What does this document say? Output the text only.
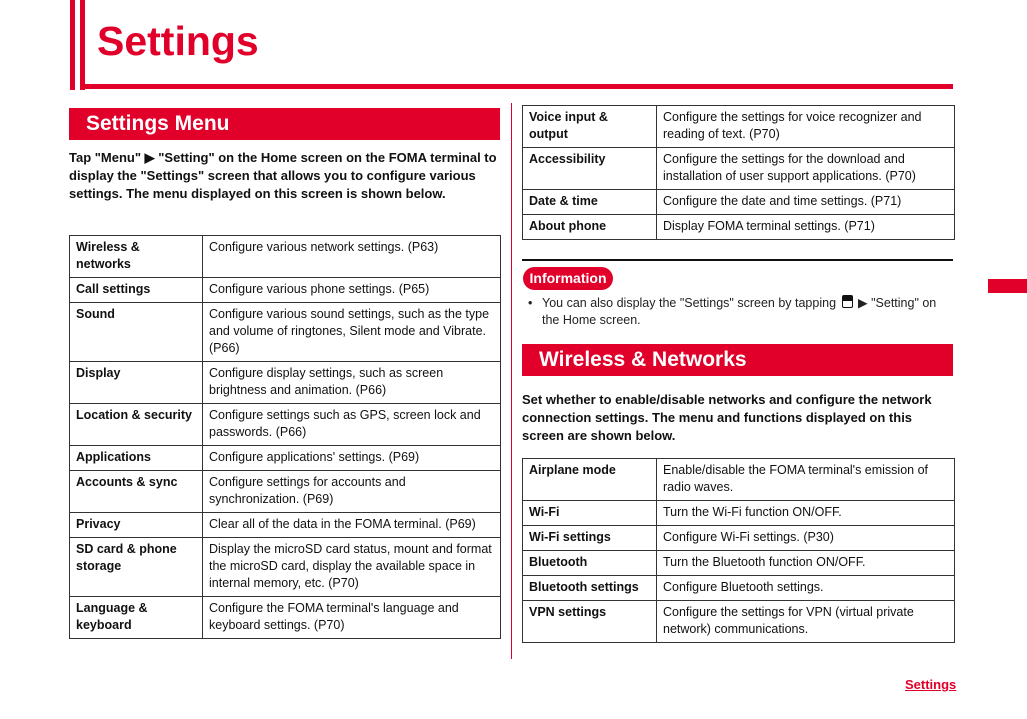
Settings
Settings Menu

Tap "Menu" ▶ "Setting" on the Home screen on the FOMA terminal to display the "Settings" screen that allows you to configure various settings. The menu displayed on this screen is shown below.

Wireless & networks	Configure various network settings. (P63)
Call settings	Configure various phone settings. (P65)
Sound	Configure various sound settings, such as the type and volume of ringtones, Silent mode and Vibrate. (P66)
Display	Configure display settings, such as screen brightness and animation. (P66)
Location & security	Configure settings such as GPS, screen lock and passwords. (P66)
Applications	Configure applications' settings. (P69)
Accounts & sync	Configure settings for accounts and synchronization. (P69)
Privacy	Clear all of the data in the FOMA terminal. (P69)
SD card & phone storage	Display the microSD card status, mount and format the microSD card, display the available space in internal memory, etc. (P70)
Language & keyboard	Configure the FOMA terminal's language and keyboard settings. (P70)
Voice input & output	Configure the settings for voice recognizer and reading of text. (P70)
Accessibility	Configure the settings for the download and installation of user support applications. (P70)
Date & time	Configure the date and time settings. (P71)
About phone	Display FOMA terminal settings. (P71)
Information
• You can also display the "Settings" screen by tapping ▶ "Setting" on the Home screen.
Wireless & Networks

Set whether to enable/disable networks and configure the network connection settings. The menu and functions displayed on this screen are shown below.

Airplane mode	Enable/disable the FOMA terminal's emission of radio waves.
Wi-Fi	Turn the Wi-Fi function ON/OFF.
Wi-Fi settings	Configure Wi-Fi settings. (P30)
Bluetooth	Turn the Bluetooth function ON/OFF.
Bluetooth settings	Configure Bluetooth settings.
VPN settings	Configure the settings for VPN (virtual private network) communications.
Settings
